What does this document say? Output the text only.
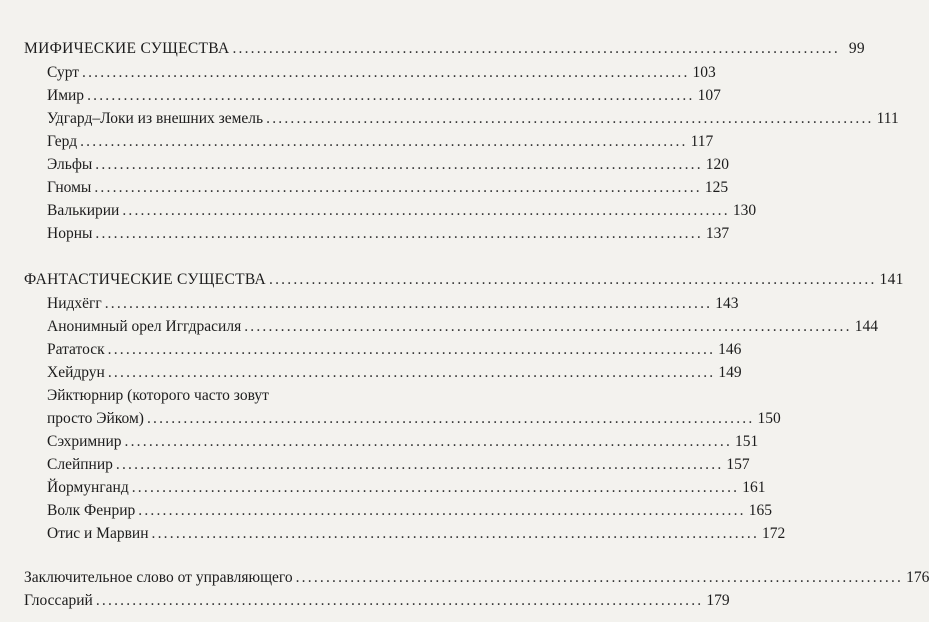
МИФИЧЕСКИЕ СУЩЕСТВА .................................................................................................... 99
Сурт .................................................................................................... 103
Имир .................................................................................................... 107
Удгард–Локи из внешних земель .................................................................................................... 111
Герд .................................................................................................... 117
Эльфы .................................................................................................... 120
Гномы .................................................................................................... 125
Валькирии .................................................................................................... 130
Норны .................................................................................................... 137
ФАНТАСТИЧЕСКИЕ СУЩЕСТВА .................................................................................................... 141
Нидхёгг .................................................................................................... 143
Анонимный орел Иггдрасиля .................................................................................................... 144
Рататоск .................................................................................................... 146
Хейдрун .................................................................................................... 149
Эйктюрнир (которого часто зовут
просто Эйком) .................................................................................................... 150
Сэхримнир .................................................................................................... 151
Слейпнир .................................................................................................... 157
Йормунганд .................................................................................................... 161
Волк Фенрир .................................................................................................... 165
Отис и Марвин .................................................................................................... 172
Заключительное слово от управляющего .................................................................................................... 176
Глоссарий .................................................................................................... 179
